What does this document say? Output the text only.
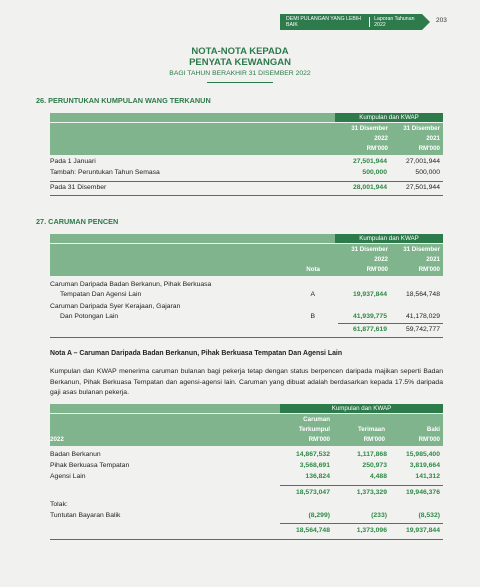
DEMI PULANGAN YANG LEBIH BAIK
Laporan Tahunan 2022
203
NOTA-NOTA KEPADA
PENYATA KEWANGAN
BAGI TAHUN BERAKHIR 31 DISEMBER 2022
26. PERUNTUKAN KUMPULAN WANG TERKANUN
Kumpulan dan KWAP
31 Disember
2022
RM'000
31 Disember
2021
RM'000
Pada 1 Januari	27,501,944	27,001,944
Tambah: Peruntukan Tahun Semasa	500,000	500,000
Pada 31 Disember	28,001,944	27,501,944
27. CARUMAN PENCEN
Kumpulan dan KWAP
Nota
31 Disember
2022
RM'000
31 Disember
2021
RM'000
Caruman Daripada Badan Berkanun, Pihak Berkuasa
Tempatan Dan Agensi Lain	A	19,937,844	18,564,748
Caruman Daripada Syer Kerajaan, Gajaran
Dan Potongan Lain	B	41,939,775	41,178,029
61,877,619	59,742,777
Nota A – Caruman Daripada Badan Berkanun, Pihak Berkuasa Tempatan Dan Agensi Lain
Kumpulan dan KWAP menerima caruman bulanan bagi pekerja tetap dengan status berpencen daripada majikan seperti Badan Berkanun, Pihak Berkuasa Tempatan dan agensi-agensi lain. Caruman yang dibuat adalah berdasarkan kepada 17.5% daripada gaji asas bulanan pekerja.
Kumpulan dan KWAP
2022
Caruman
Terkumpul
RM'000
Terimaan
RM'000
Baki
RM'000
Badan Berkanun	14,867,532	1,117,868	15,985,400
Pihak Berkuasa Tempatan	3,568,691	250,973	3,819,664
Agensi Lain	136,824	4,488	141,312
18,573,047	1,373,329	19,946,376
Tolak:
Tuntutan Bayaran Balik	(8,299)	(233)	(8,532)
18,564,748	1,373,096	19,937,844
